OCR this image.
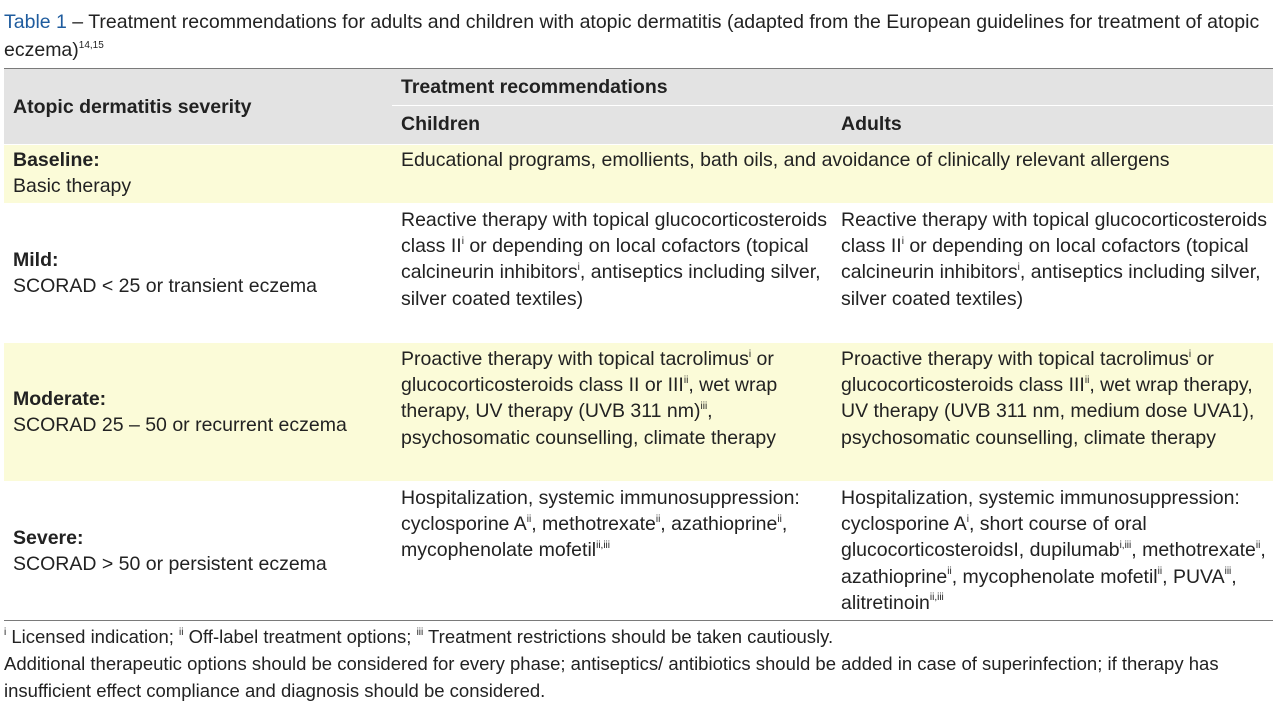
Table 1 – Treatment recommendations for adults and children with atopic dermatitis (adapted from the European guidelines for treatment of atopic eczema)$^{14,15}$
Atopic dermatitis severity
Treatment recommendations
Children	Adults
Baseline:
Basic therapy
Educational programs, emollients, bath oils, and avoidance of clinically relevant allergens
Mild:
SCORAD < 25 or transient eczema
Reactive therapy with topical glucocorticosteroids class $II^i$ or depending on local cofactors (topical calcineurin inhibitors$^i$, antiseptics including silver, silver coated textiles)
Reactive therapy with topical glucocorticosteroids class $II^i$ or depending on local cofactors (topical calcineurin inhibitors$^i$, antiseptics including silver, silver coated textiles)
Moderate:
SCORAD 25 – 50 or recurrent eczema
Proactive therapy with topical tacrolimus$^i$ or glucocorticosteroids class II or III$^{ii}$, wet wrap therapy, UV therapy (UVB 311 nm)$^{iii}$, psychosomatic counselling, climate therapy
Proactive therapy with topical tacrolimus$^i$ or glucocorticosteroids class III$^{ii}$, wet wrap therapy, UV therapy (UVB 311 nm, medium dose UVA1), psychosomatic counselling, climate therapy
Severe:
SCORAD > 50 or persistent eczema
Hospitalization, systemic immunosuppression: cyclosporine $A^{ii}$, methotrexate$^{ii}$, azathioprine$^{ii}$, mycophenolate mofetil$^{ii,iii}$
Hospitalization, systemic immunosuppression: cyclosporine $A^i$, short course of oral glucocorticosteroidsI, dupilumab$^{i,iii}$, methotrexate$^{ii}$, azathioprine$^{ii}$, mycophenolate mofetil$^{ii}$, PUVA$^{iii}$, alitretinoin$^{ii,iii}$
$^i$ Licensed indication; $^{ii}$ Off-label treatment options; $^{iii}$ Treatment restrictions should be taken cautiously.
Additional therapeutic options should be considered for every phase; antiseptics/ antibiotics should be added in case of superinfection; if therapy has insufficient effect compliance and diagnosis should be considered.
